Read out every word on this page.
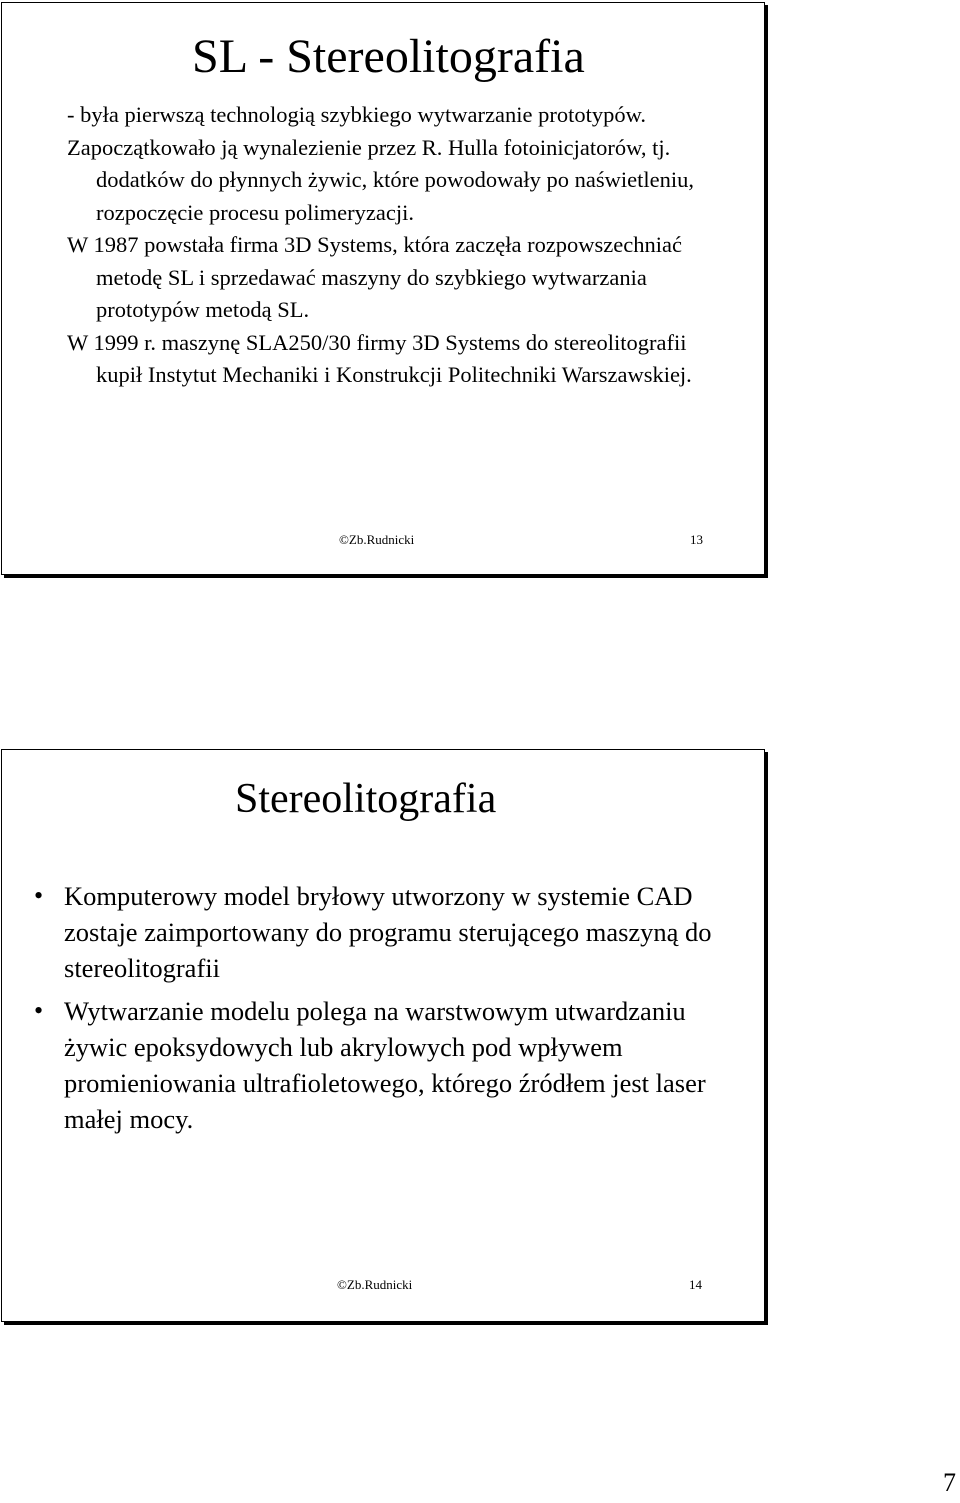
SL - Stereolitografia
- była pierwszą technologią szybkiego wytwarzanie prototypów.
Zapoczątkowało ją wynalezienie przez R. Hulla fotoinicjatorów, tj. dodatków do płynnych żywic, które powodowały po naświetleniu, rozpoczęcie procesu polimeryzacji.
W 1987 powstała firma 3D Systems, która zaczęła rozpowszechniać metodę SL i sprzedawać maszyny do szybkiego wytwarzania prototypów metodą SL.
W 1999 r. maszynę SLA250/30 firmy 3D Systems do stereolitografii kupił Instytut Mechaniki i Konstrukcji Politechniki Warszawskiej.
©Zb.Rudnicki	13
Stereolitografia
• Komputerowy model bryłowy utworzony w systemie CAD zostaje zaimportowany do programu sterującego maszyną do stereolitografii
• Wytwarzanie modelu polega na warstwowym utwardzaniu żywic epoksydowych lub akrylowych pod wpływem promieniowania ultrafioletowego, którego źródłem jest laser małej mocy.
©Zb.Rudnicki	14
7
